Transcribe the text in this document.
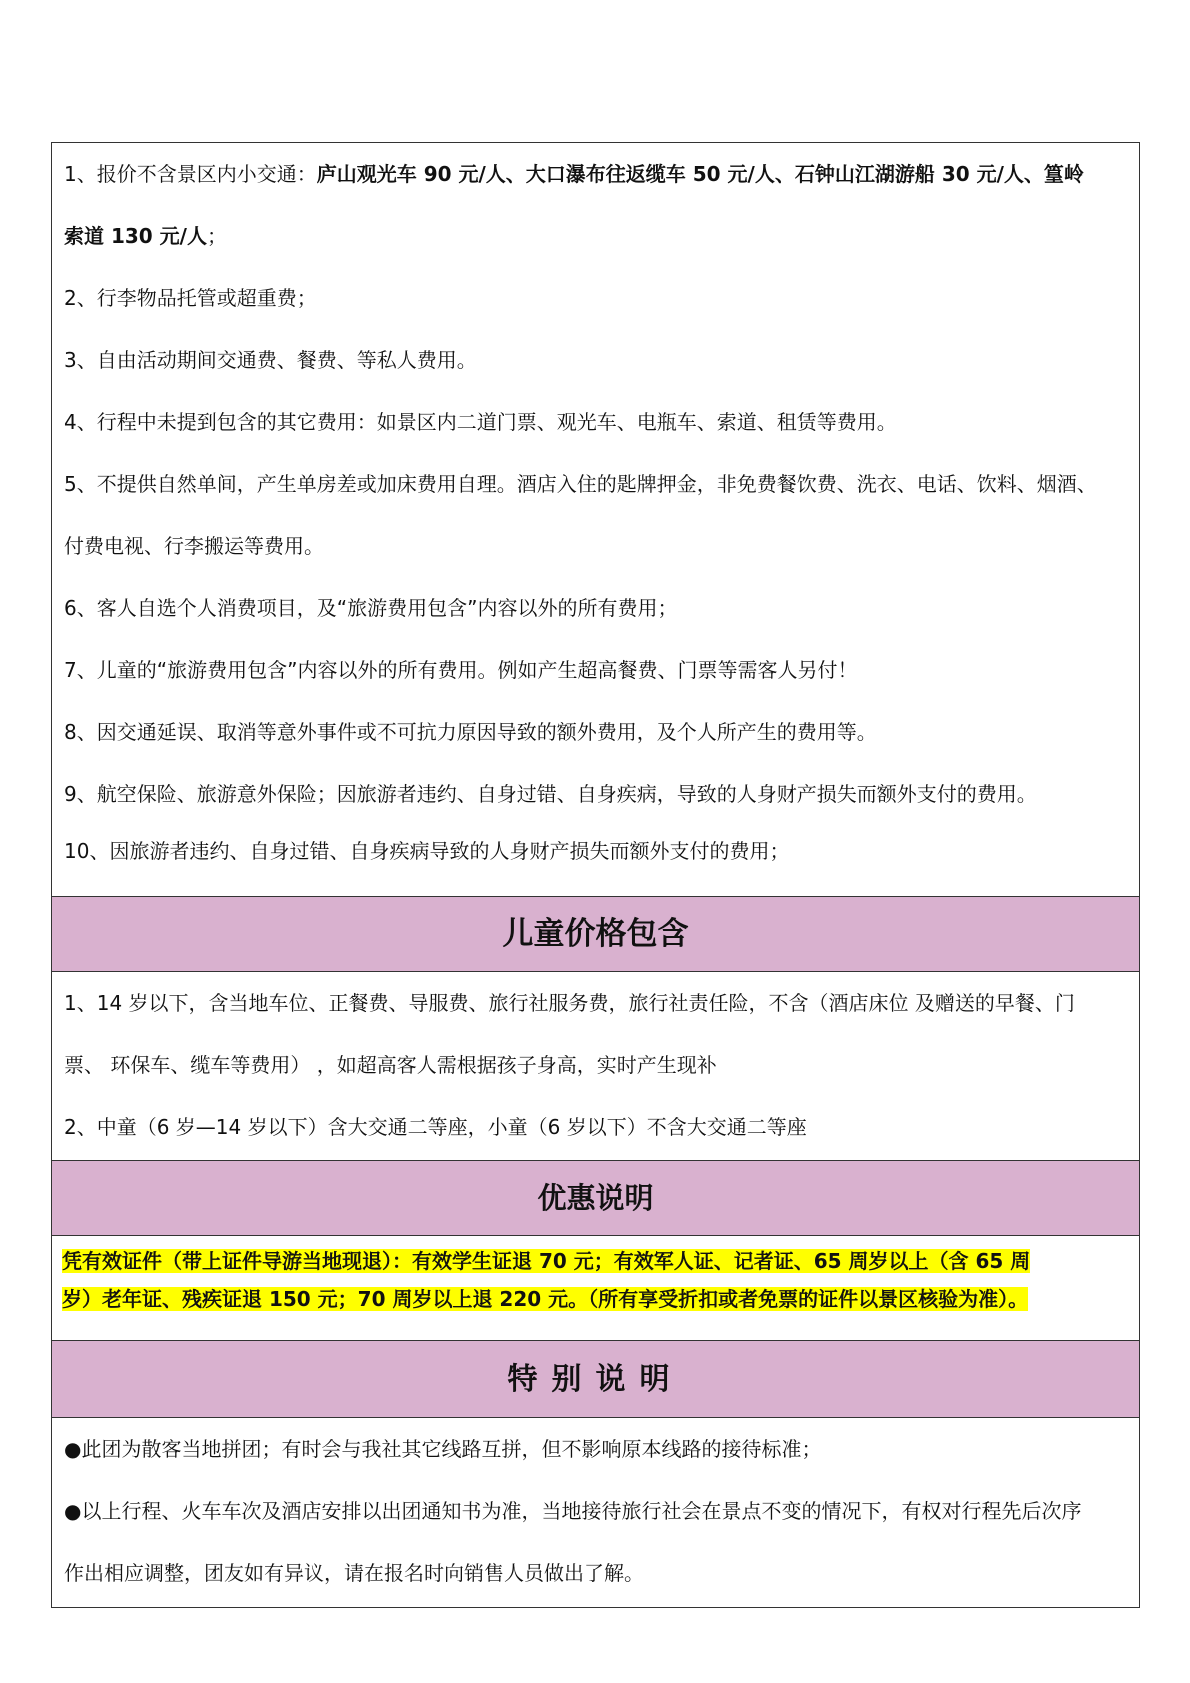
1、报价不含景区内小交通：庐山观光车 90 元/人、大口瀑布往返缆车 50 元/人、石钟山江湖游船 30 元/人、篁岭
索道 130 元/人；
2、行李物品托管或超重费；
3、自由活动期间交通费、餐费、等私人费用。
4、行程中未提到包含的其它费用：如景区内二道门票、观光车、电瓶车、索道、租赁等费用。
5、不提供自然单间，产生单房差或加床费用自理。酒店入住的匙牌押金，非免费餐饮费、洗衣、电话、饮料、烟酒、
付费电视、行李搬运等费用。
6、客人自选个人消费项目，及“旅游费用包含”内容以外的所有费用；
7、儿童的“旅游费用包含”内容以外的所有费用。例如产生超高餐费、门票等需客人另付！
8、因交通延误、取消等意外事件或不可抗力原因导致的额外费用，及个人所产生的费用等。
9、航空保险、旅游意外保险；因旅游者违约、自身过错、自身疾病，导致的人身财产损失而额外支付的费用。
10、因旅游者违约、自身过错、自身疾病导致的人身财产损失而额外支付的费用；
儿童价格包含
1、14 岁以下，含当地车位、正餐费、导服费、旅行社服务费，旅行社责任险，不含（酒店床位 及赠送的早餐、门
票、 环保车、缆车等费用） ，如超高客人需根据孩子身高，实时产生现补
2、中童（6 岁—14 岁以下）含大交通二等座，小童（6 岁以下）不含大交通二等座
优惠说明
凭有效证件（带上证件导游当地现退）：有效学生证退 70 元；有效军人证、记者证、65 周岁以上（含 65 周
岁）老年证、残疾证退 150 元；70 周岁以上退 220 元。（所有享受折扣或者免票的证件以景区核验为准）。
特别说明
●此团为散客当地拼团；有时会与我社其它线路互拼，但不影响原本线路的接待标准；
●以上行程、火车车次及酒店安排以出团通知书为准，当地接待旅行社会在景点不变的情况下，有权对行程先后次序
作出相应调整，团友如有异议，请在报名时向销售人员做出了解。
